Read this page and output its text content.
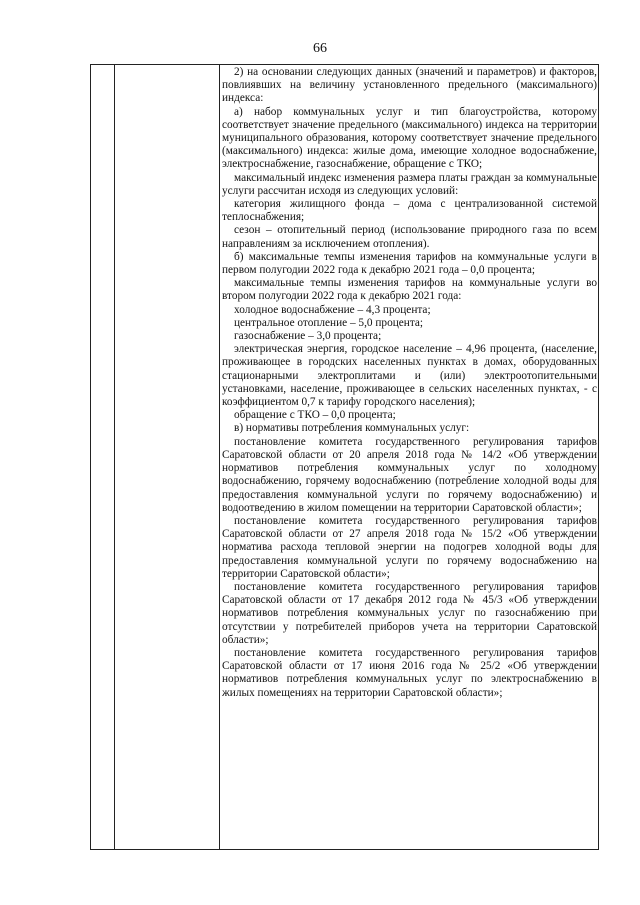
66

2) на основании следующих данных (значений и параметров) и факторов, повлиявших на величину установленного предельного (максимального) индекса:

а) набор коммунальных услуг и тип благоустройства, которому соответствует значение предельного (максимального) индекса на территории муниципального образования, которому соответствует значение предельного (максимального) индекса: жилые дома, имеющие холодное водоснабжение, электроснабжение, газоснабжение, обращение с ТКО;

максимальный индекс изменения размера платы граждан за коммунальные услуги рассчитан исходя из следующих условий:

категория жилищного фонда – дома с централизованной системой теплоснабжения;

сезон – отопительный период (использование природного газа по всем направлениям за исключением отопления).

б) максимальные темпы изменения тарифов на коммунальные услуги в первом полугодии 2022 года к декабрю 2021 года – 0,0 процента;

максимальные темпы изменения тарифов на коммунальные услуги во втором полугодии 2022 года к декабрю 2021 года:

холодное водоснабжение – 4,3 процента;

центральное отопление – 5,0 процента;

газоснабжение – 3,0 процента;

электрическая энергия, городское население – 4,96 процента, (население, проживающее в городских населенных пунктах в домах, оборудованных стационарными электроплитами и (или) электроотопительными установками, население, проживающее в сельских населенных пунктах, - с коэффициентом 0,7 к тарифу городского населения);

обращение с ТКО – 0,0 процента;

в) нормативы потребления коммунальных услуг:

постановление комитета государственного регулирования тарифов Саратовской области от 20 апреля 2018 года № 14/2 «Об утверждении нормативов потребления коммунальных услуг по холодному водоснабжению, горячему водоснабжению (потребление холодной воды для предоставления коммунальной услуги по горячему водоснабжению) и водоотведению в жилом помещении на территории Саратовской области»;

постановление комитета государственного регулирования тарифов Саратовской области от 27 апреля 2018 года № 15/2 «Об утверждении норматива расхода тепловой энергии на подогрев холодной воды для предоставления коммунальной услуги по горячему водоснабжению на территории Саратовской области»;

постановление комитета государственного регулирования тарифов Саратовской области от 17 декабря 2012 года № 45/3 «Об утверждении нормативов потребления коммунальных услуг по газоснабжению при отсутствии у потребителей приборов учета на территории Саратовской области»;

постановление комитета государственного регулирования тарифов Саратовской области от 17 июня 2016 года № 25/2 «Об утверждении нормативов потребления коммунальных услуг по электроснабжению в жилых помещениях на территории Саратовской области»;
